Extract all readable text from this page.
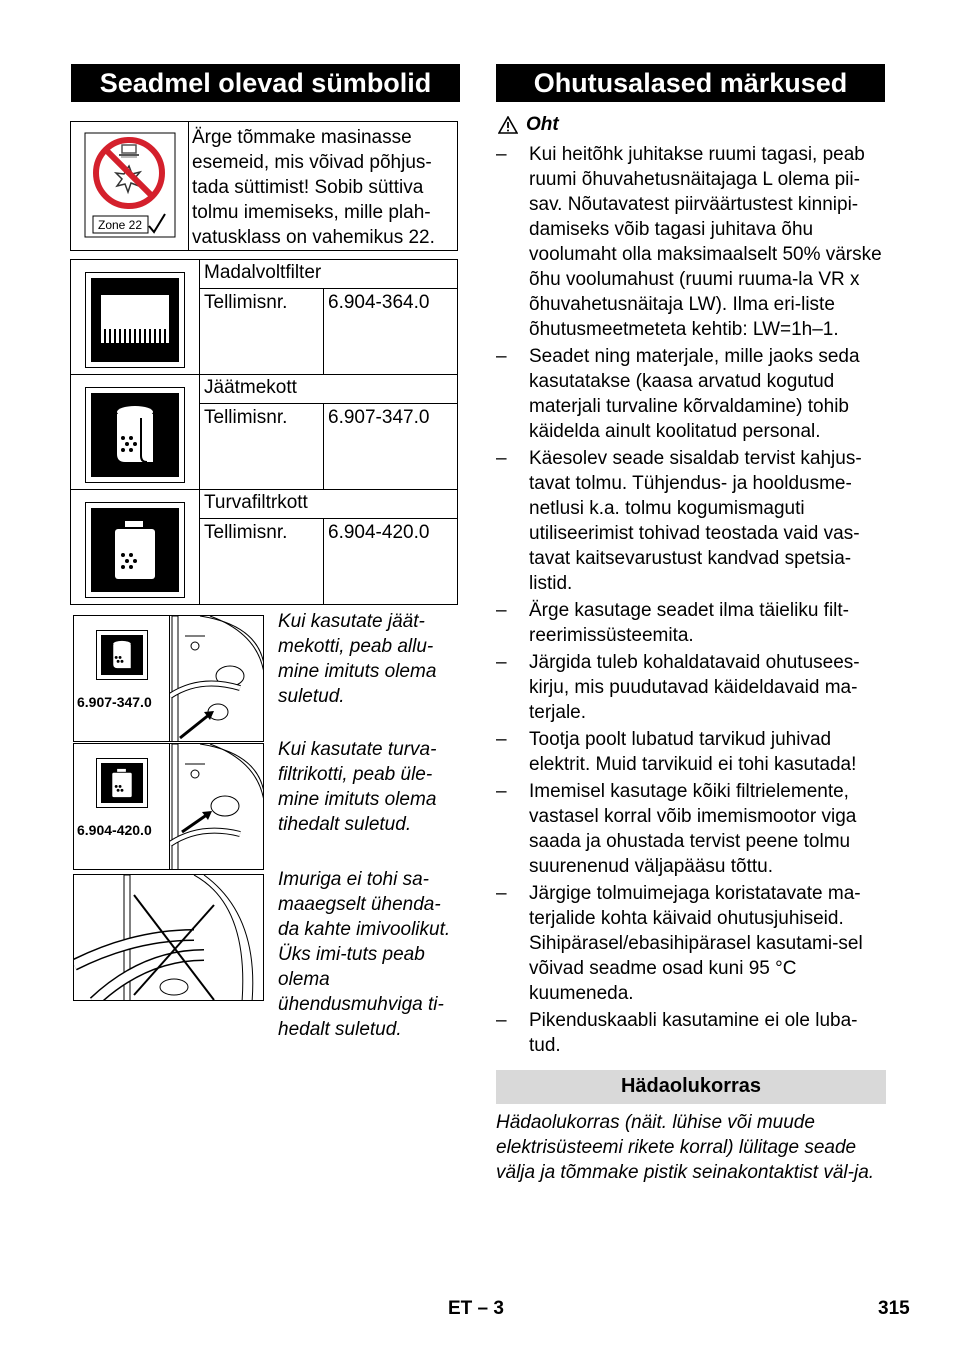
Seadmel olevad sümbolid	Ohutusalased märkused
Zone 22
Ärge tõmmake masinasse esemeid, mis võivad põhjus-tada süttimist! Sobib süttiva tolmu imemiseks, mille plah-vatusklass on vahemikus 22.
	Madalvoltfilter	
	Tellimisnr.	6.904-364.0

	Jäätmekott	
	Tellimisnr.	6.907-347.0

	Turvafiltrkott	
	Tellimisnr.	6.904-420.0
6.907-347.0
Kui kasutate jäät-mekotti, peab allu-mine imituts olema suletud.
6.904-420.0
Kui kasutate turva-filtrikotti, peab üle-mine imituts olema tihedalt suletud.
Imuriga ei tohi sa-maaegselt ühenda-da kahte imivoolikut. Üks imi-tuts peab olema ühendusmuhviga ti-hedalt suletud.
Oht
– Kui heitõhk juhitakse ruumi tagasi, peab ruumi õhuvahetusnäitajaga L olema pii-sav. Nõutavatest piirväärtustest kinnipi-damiseks võib tagasi juhitava õhu voolumaht olla maksimaalselt 50% värske õhu voolumahust (ruumi ruuma-la VR x õhuvahetusnäitaja LW). Ilma eri-liste õhutusmeetmeteta kehtib: LW=1h–1.
– Seadet ning materjale, mille jaoks seda kasutatakse (kaasa arvatud kogutud materjali turvaline kõrvaldamine) tohib käidelda ainult koolitatud personal.
– Käesolev seade sisaldab tervist kahjus-tavat tolmu. Tühjendus- ja hooldusme-netlusi k.a. tolmu kogumismaguti utiliseerimist tohivad teostada vaid vas-tavat kaitsevarustust kandvad spetsia-listid.
– Ärge kasutage seadet ilma täieliku filt-reerimissüsteemita.
– Järgida tuleb kohaldatavaid ohutusees-kirju, mis puudutavad käideldavaid ma-terjale.
– Tootja poolt lubatud tarvikud juhivad elektrit. Muid tarvikuid ei tohi kasutada!
– Imemisel kasutage kõiki filtrielemente, vastasel korral võib imemismootor viga saada ja ohustada tervist peene tolmu suurenenud väljapääsu tõttu.
– Järgige tolmuimejaga koristatavate ma-terjalide kohta käivaid ohutusjuhiseid. Sihipärasel/ebasihipärasel kasutami-sel võivad seadme osad kuni 95 °C kuumeneda.
– Pikenduskaabli kasutamine ei ole luba-tud.
Hädaolukorras
Hädaolukorras (näit. lühise või muude elektrisüsteemi rikete korral) lülitage seade välja ja tõmmake pistik seinakontaktist väl-ja.
ET – 3	315
